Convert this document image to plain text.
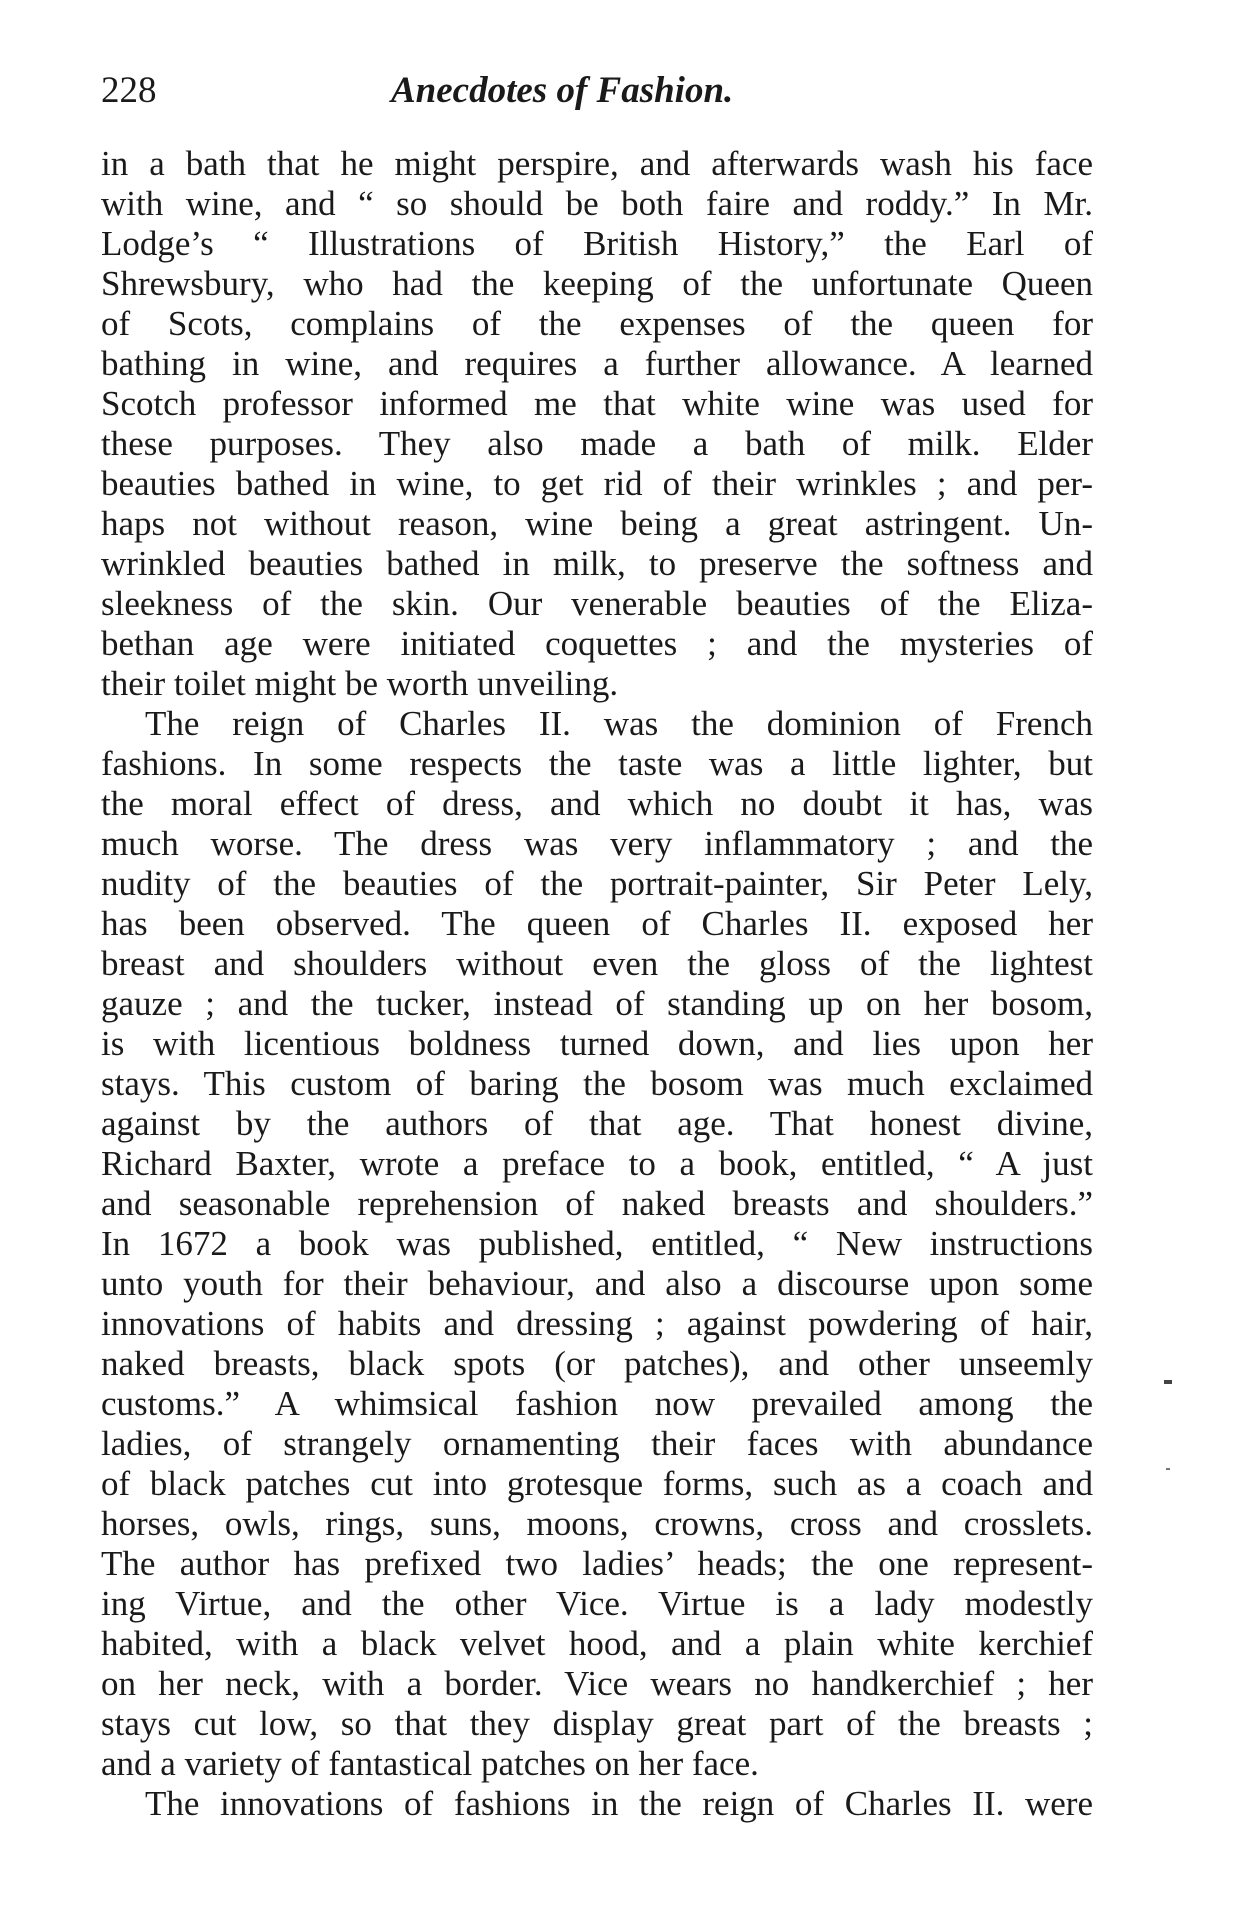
228	Anecdotes of Fashion.
in a bath that he might perspire, and afterwards wash his face
with wine, and “ so should be both faire and roddy.” In Mr.
Lodge’s “ Illustrations of British History,” the Earl of
Shrewsbury, who had the keeping of the unfortunate Queen
of Scots, complains of the expenses of the queen for
bathing in wine, and requires a further allowance. A learned
Scotch professor informed me that white wine was used for
these purposes. They also made a bath of milk. Elder
beauties bathed in wine, to get rid of their wrinkles ; and per-
haps not without reason, wine being a great astringent. Un-
wrinkled beauties bathed in milk, to preserve the softness and
sleekness of the skin. Our venerable beauties of the Eliza-
bethan age were initiated coquettes ; and the mysteries of
their toilet might be worth unveiling.
The reign of Charles II. was the dominion of French
fashions. In some respects the taste was a little lighter, but
the moral effect of dress, and which no doubt it has, was
much worse. The dress was very inflammatory ; and the
nudity of the beauties of the portrait-painter, Sir Peter Lely,
has been observed. The queen of Charles II. exposed her
breast and shoulders without even the gloss of the lightest
gauze ; and the tucker, instead of standing up on her bosom,
is with licentious boldness turned down, and lies upon her
stays. This custom of baring the bosom was much exclaimed
against by the authors of that age. That honest divine,
Richard Baxter, wrote a preface to a book, entitled, “ A just
and seasonable reprehension of naked breasts and shoulders.”
In 1672 a book was published, entitled, “ New instructions
unto youth for their behaviour, and also a discourse upon some
innovations of habits and dressing ; against powdering of hair,
naked breasts, black spots (or patches), and other unseemly
customs.” A whimsical fashion now prevailed among the
ladies, of strangely ornamenting their faces with abundance
of black patches cut into grotesque forms, such as a coach and
horses, owls, rings, suns, moons, crowns, cross and crosslets.
The author has prefixed two ladies’ heads; the one represent-
ing Virtue, and the other Vice. Virtue is a lady modestly
habited, with a black velvet hood, and a plain white kerchief
on her neck, with a border. Vice wears no handkerchief ; her
stays cut low, so that they display great part of the breasts ;
and a variety of fantastical patches on her face.
The innovations of fashions in the reign of Charles II. were
